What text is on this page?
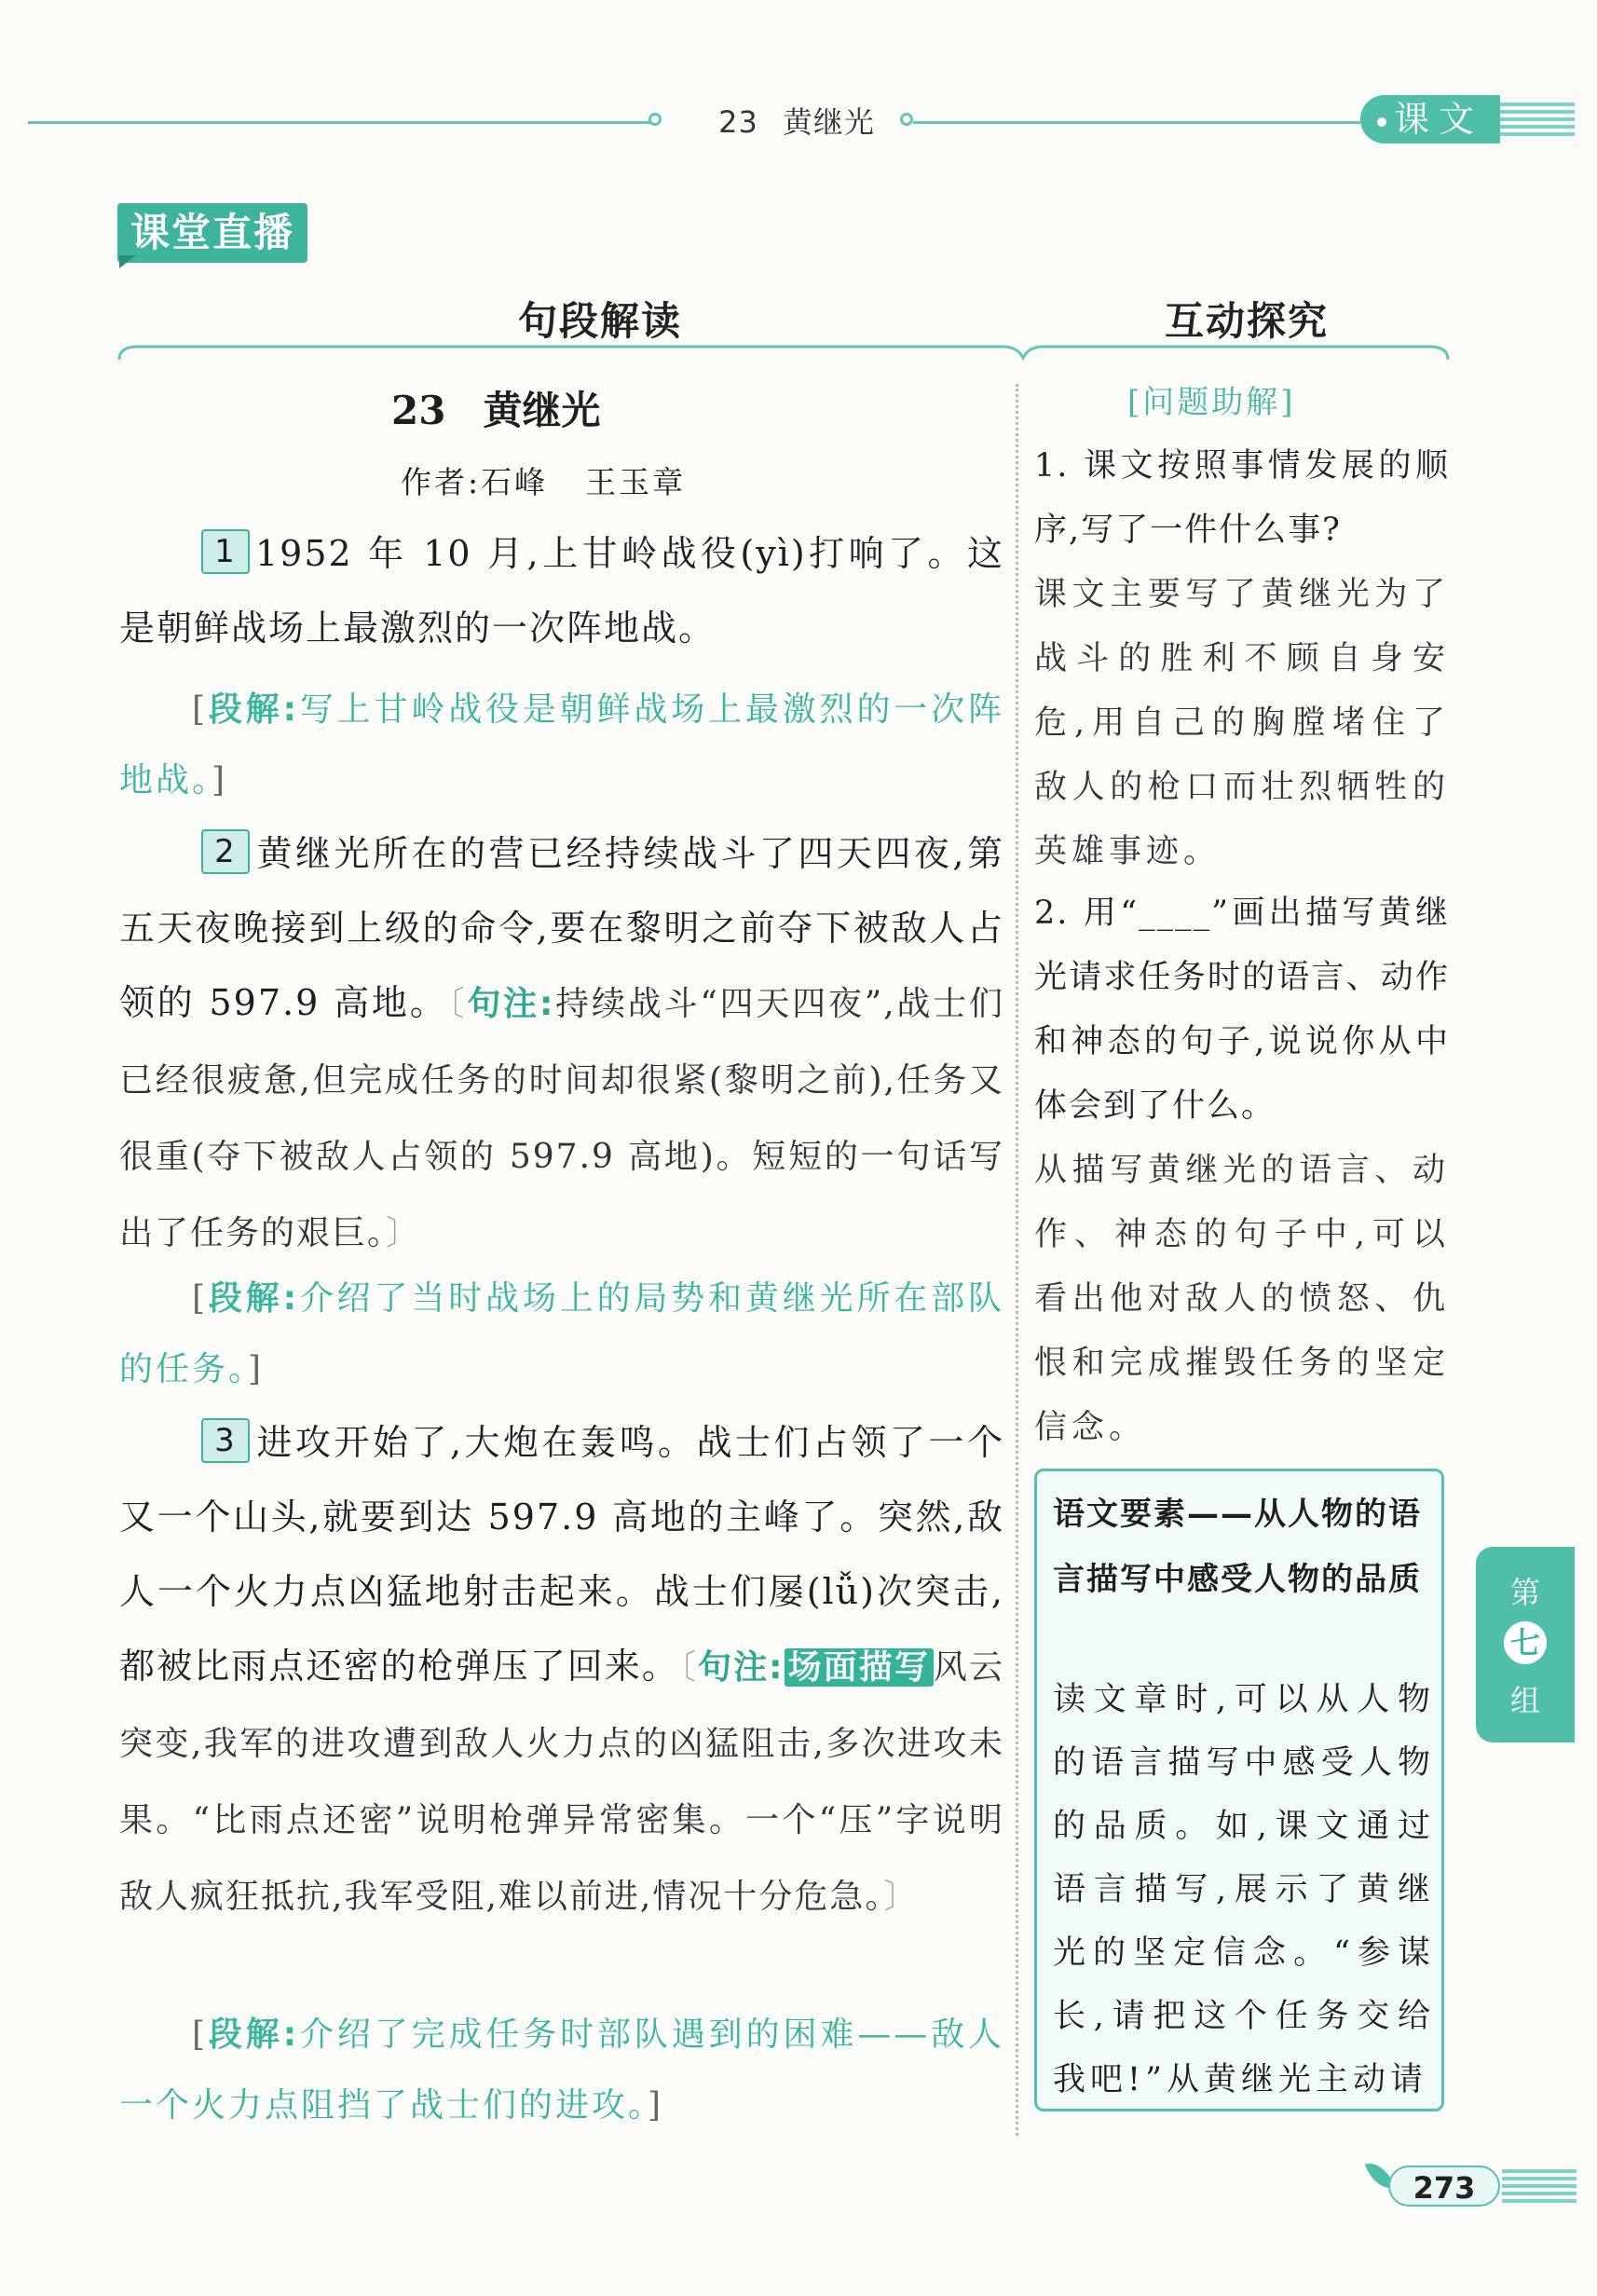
23 黄继光	课文
课堂直播
句段解读	互动探究
23 黄继光
作者:石峰 王玉章

1 1952 年 10 月,上甘岭战役(yì)打响了。这是朝鲜战场上最激烈的一次阵地战。

[段解:写上甘岭战役是朝鲜战场上最激烈的一次阵地战。]

2 黄继光所在的营已经持续战斗了四天四夜,第五天夜晚接到上级的命令,要在黎明之前夺下被敌人占领的 597.9 高地。〔句注:持续战斗“四天四夜”,战士们已经很疲惫,但完成任务的时间却很紧(黎明之前),任务又很重(夺下被敌人占领的 597.9 高地)。短短的一句话写出了任务的艰巨。〕

[段解:介绍了当时战场上的局势和黄继光所在部队的任务。]

3 进攻开始了,大炮在轰鸣。战士们占领了一个又一个山头,就要到达 597.9 高地的主峰了。突然,敌人一个火力点凶猛地射击起来。战士们屡(lǚ)次突击,都被比雨点还密的枪弹压了回来。〔句注: 场面描写 风云突变,我军的进攻遭到敌人火力点的凶猛阻击,多次进攻未果。“比雨点还密”说明枪弹异常密集。一个“压”字说明敌人疯狂抵抗,我军受阻,难以前进,情况十分危急。〕

[段解:介绍了完成任务时部队遇到的困难——敌人一个火力点阻挡了战士们的进攻。]

[问题助解]

1. 课文按照事情发展的顺序,写了一件什么事?

课文主要写了黄继光为了战斗的胜利不顾自身安危,用自己的胸膛堵住了敌人的枪口而壮烈牺牲的英雄事迹。

2. 用“____”画出描写黄继光请求任务时的语言、动作和神态的句子,说说你从中体会到了什么。

从描写黄继光的语言、动作、神态的句子中,可以看出他对敌人的愤怒、仇恨和完成摧毁任务的坚定信念。

语文要素——从人物的语言描写中感受人物的品质

读文章时,可以从人物的语言描写中感受人物的品质。如,课文通过语言描写,展示了黄继光的坚定信念。“参谋长,请把这个任务交给我吧!”从黄继光主动请

第
七
组
273
